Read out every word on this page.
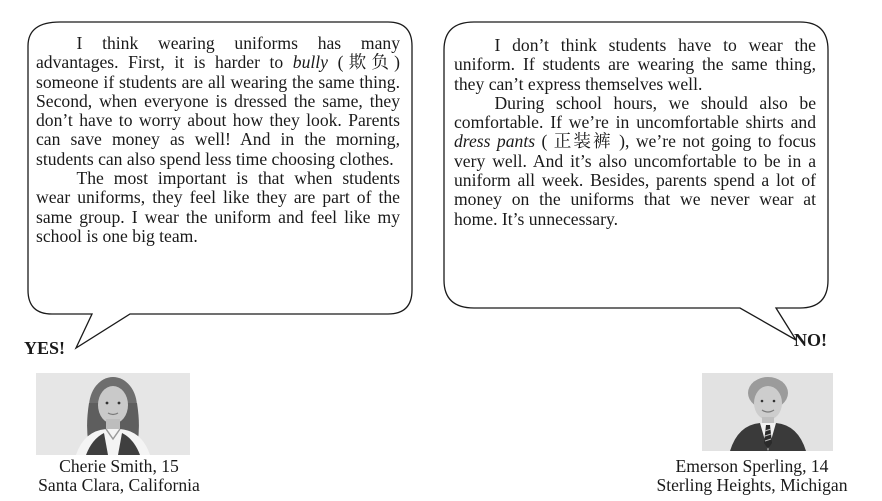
I think wearing uniforms has many advantages. First, it is harder to bully (欺负) someone if students are all wearing the same thing. Second, when everyone is dressed the same, they don’t have to worry about how they look. Parents can save money as well! And in the morning, students can also spend less time choosing clothes.

The most important is that when students wear uniforms, they feel like they are part of the same group. I wear the uniform and feel like my school is one big team.

I don’t think students have to wear the uniform. If students are wearing the same thing, they can’t express themselves well.

During school hours, we should also be comfortable. If we’re in uncomfortable shirts and dress pants ( 正装裤 ), we’re not going to focus very well. And it’s also uncomfortable to be in a uniform all week. Besides, parents spend a lot of money on the uniforms that we never wear at home. It’s unnecessary.

YES!	NO!
Cherie Smith, 15
Santa Clara, California
Emerson Sperling, 14
Sterling Heights, Michigan
